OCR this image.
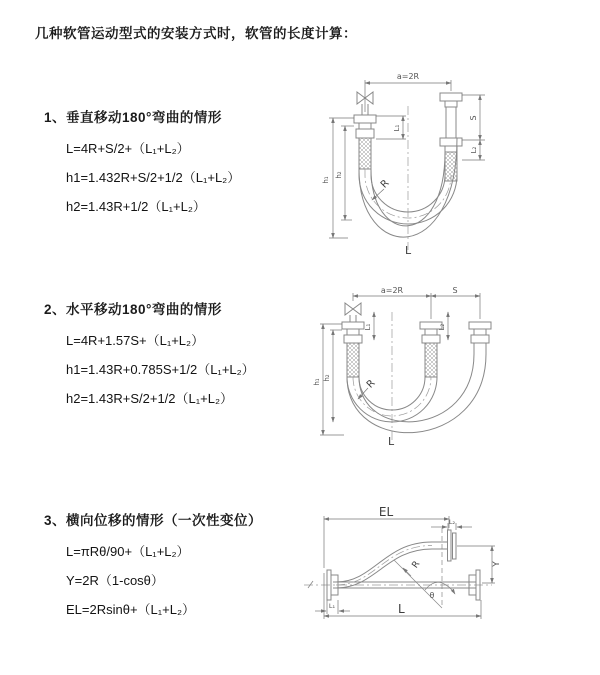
几种软管运动型式的安装方式时，软管的长度计算：

1、垂直移动180°弯曲的情形

L=4R+S/2+（L₁+L₂）
h1=1.432R+S/2+1/2（L₁+L₂）
h2=1.43R+1/2（L₁+L₂）

2、水平移动180°弯曲的情形

L=4R+1.57S+（L₁+L₂）
h1=1.43R+0.785S+1/2（L₁+L₂）
h2=1.43R+S/2+1/2（L₁+L₂）

3、横向位移的情形（一次性变位）

L=πRθ/90+（L₁+L₂）
Y=2R（1-cosθ）
EL=2Rsinθ+（L₁+L₂）
a=2R
h₁
h₂
L₁
S
L₂
R
L
a=2R	S
h₁
h₂
L₁	L₂
R
L
EL
L₂
Y
R
θ
L
L₁
